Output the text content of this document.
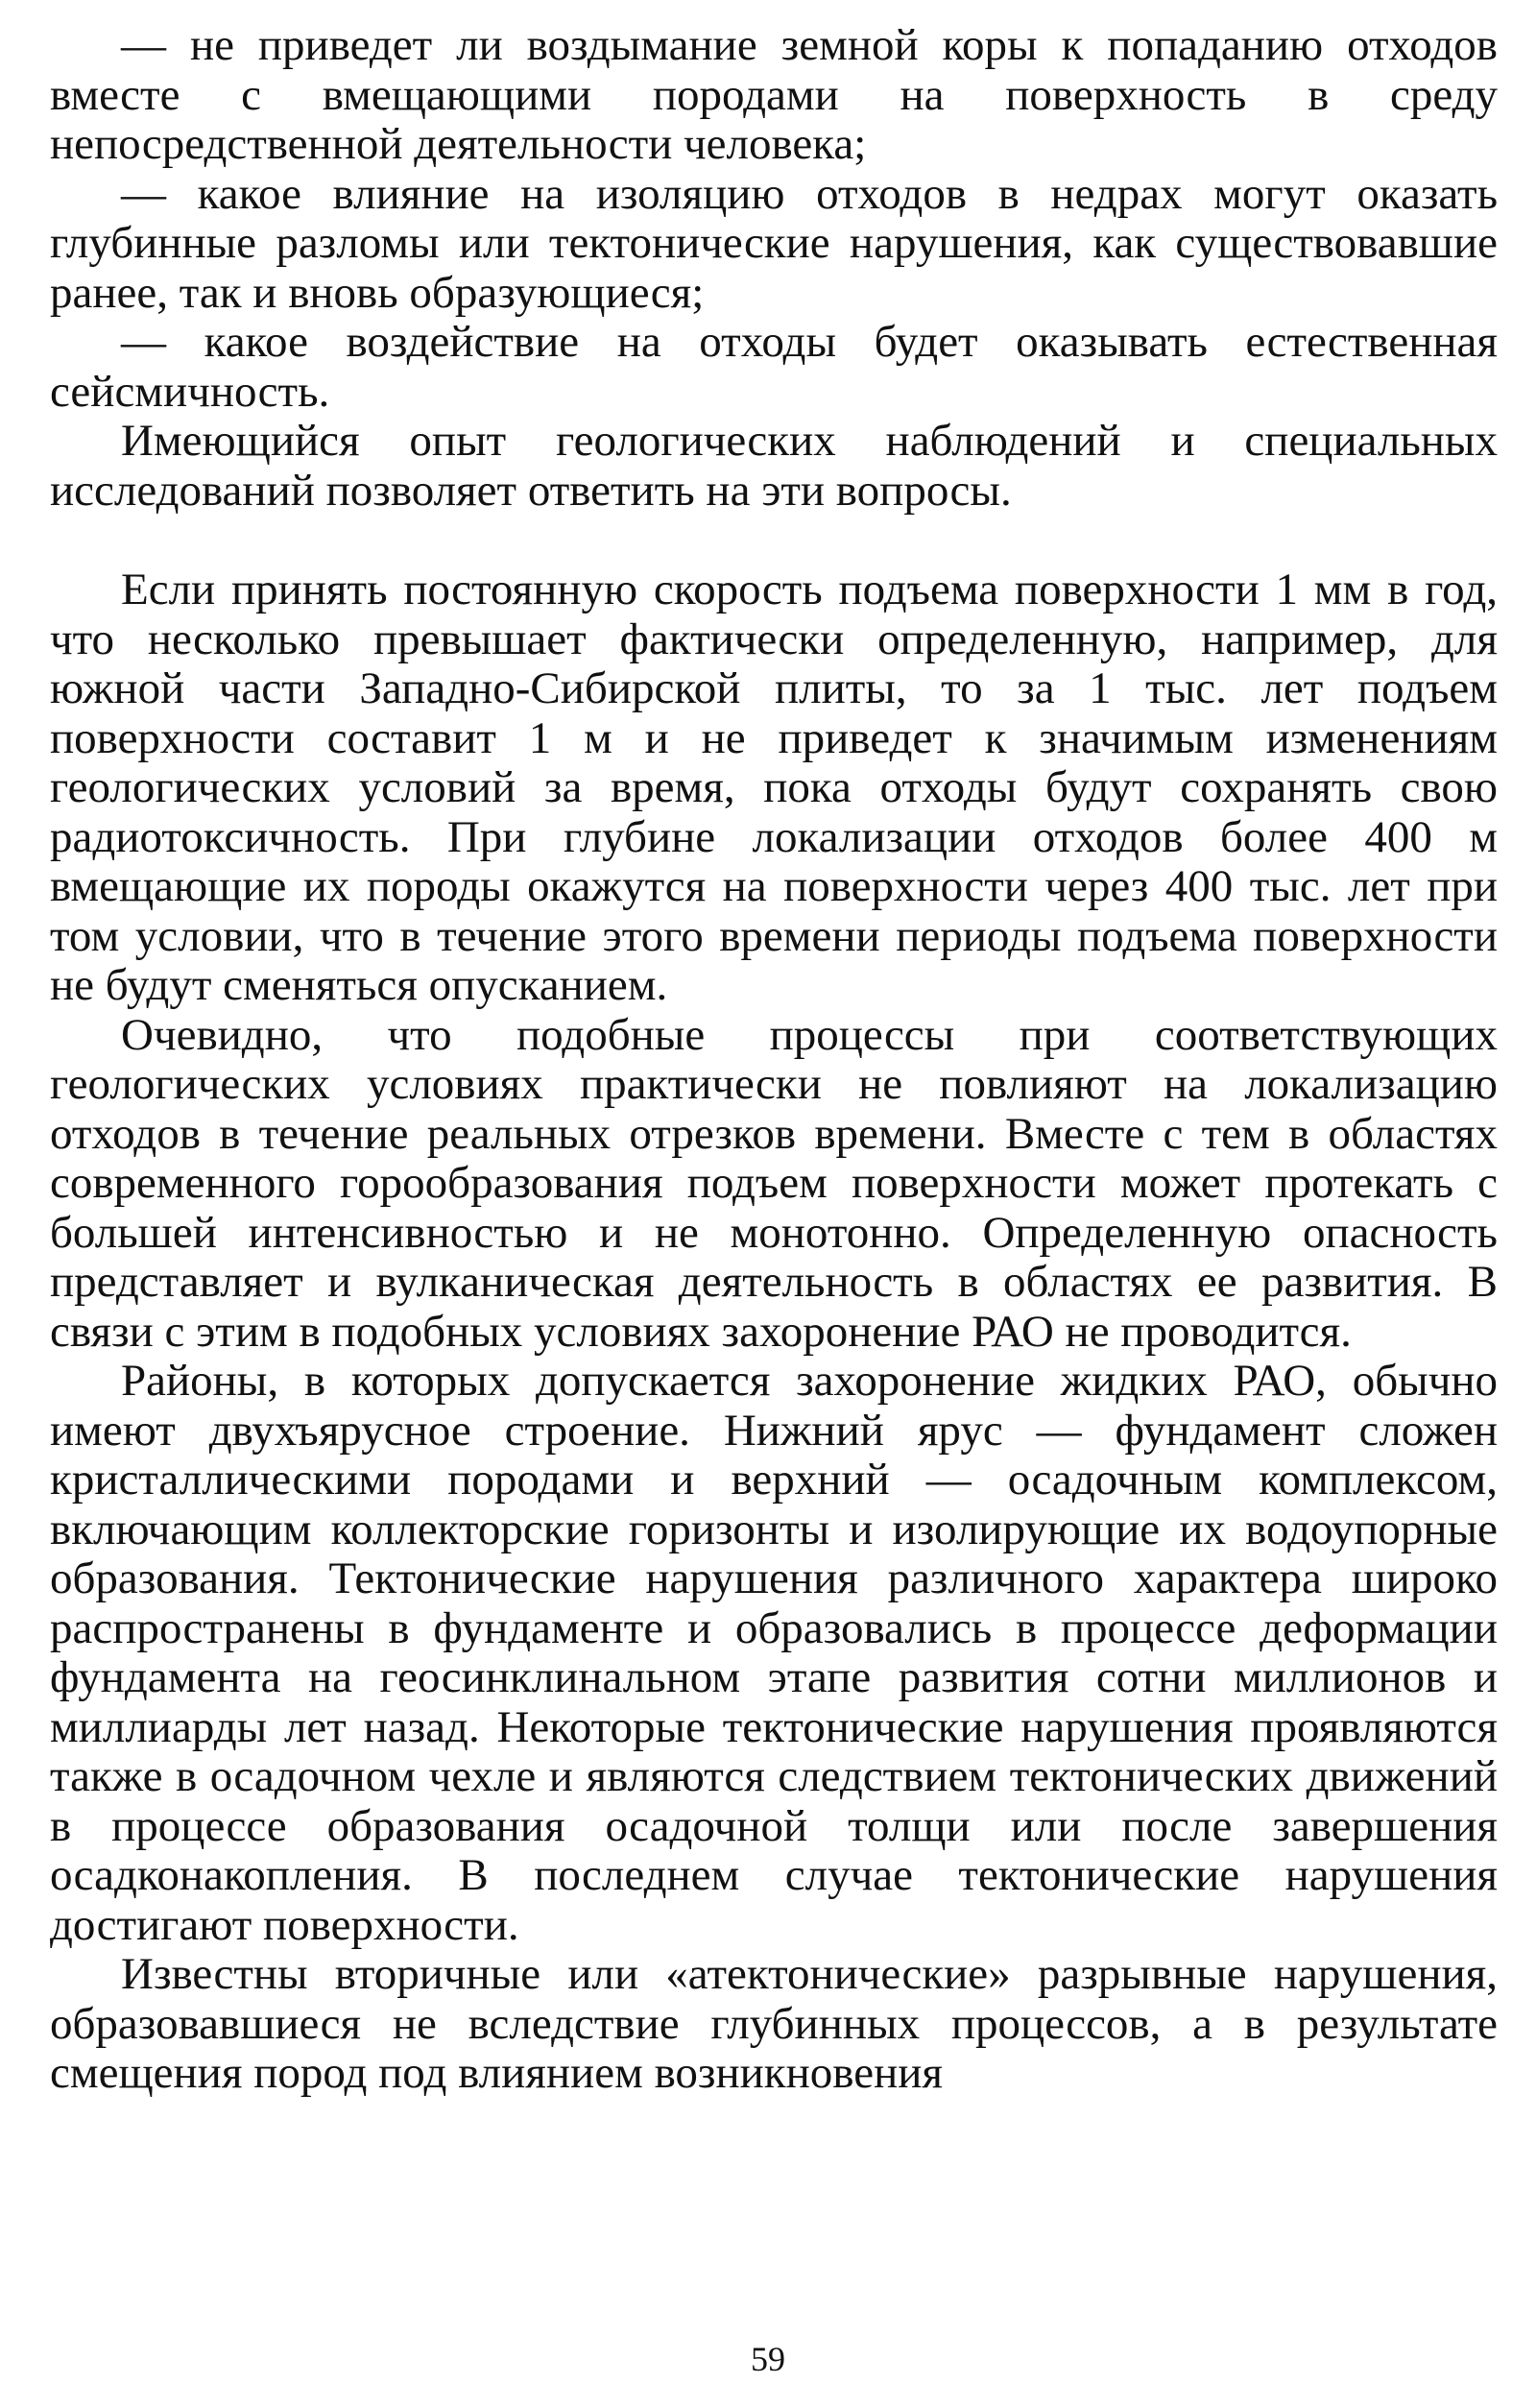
— не приведет ли воздымание земной коры к попаданию отходов вместе с вмещающими породами на поверхность в среду непосредственной деятельности человека;

— какое влияние на изоляцию отходов в недрах могут оказать глубинные разломы или тектонические нарушения, как существовавшие ранее, так и вновь образующиеся;

— какое воздействие на отходы будет оказывать естественная сейсмичность.

Имеющийся опыт геологических наблюдений и специальных исследований позволяет ответить на эти вопросы.

Если принять постоянную скорость подъема поверхности 1 мм в год, что несколько превышает фактически определенную, например, для южной части Западно-Сибирской плиты, то за 1 тыс. лет подъем поверхности составит 1 м и не приведет к значимым изменениям геологических условий за время, пока отходы будут сохранять свою радиотоксичность. При глубине локализации отходов более 400 м вмещающие их породы окажутся на поверхности через 400 тыс. лет при том условии, что в течение этого времени периоды подъема поверхности не будут сменяться опусканием.

Очевидно, что подобные процессы при соответствующих геологических условиях практически не повлияют на локализацию отходов в течение реальных отрезков времени. Вместе с тем в областях современного горообразования подъем поверхности может протекать с большей интенсивностью и не монотонно. Определенную опасность представляет и вулканическая деятельность в областях ее развития. В связи с этим в подобных условиях захоронение РАО не проводится.

Районы, в которых допускается захоронение жидких РАО, обычно имеют двухъярусное строение. Нижний ярус — фундамент сложен кристаллическими породами и верхний — осадочным комплексом, включающим коллекторские горизонты и изолирующие их водоупорные образования. Тектонические нарушения различного характера широко распространены в фундаменте и образовались в процессе деформации фундамента на геосинклинальном этапе развития сотни миллионов и миллиарды лет назад. Некоторые тектонические нарушения проявляются также в осадочном чехле и являются следствием тектонических движений в процессе образования осадочной толщи или после завершения осадконакопления. В последнем случае тектонические нарушения достигают поверхности.

Известны вторичные или «атектонические» разрывные нарушения, образовавшиеся не вследствие глубинных процессов, а в результате смещения пород под влиянием возникновения

59
